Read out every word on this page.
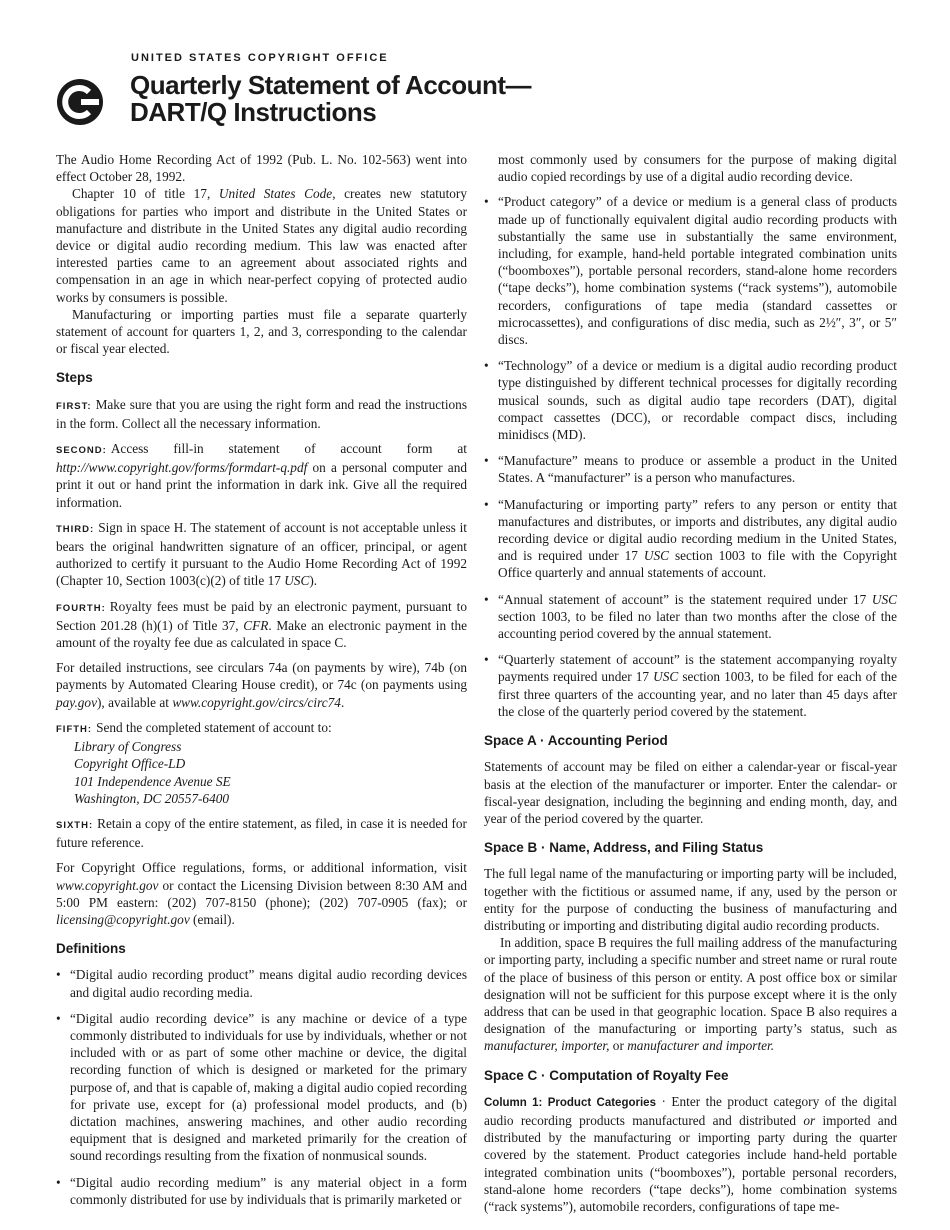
UNITED STATES COPYRIGHT OFFICE
Quarterly Statement of Account—
DART/Q Instructions

The Audio Home Recording Act of 1992 (Pub. L. No. 102-563) went into effect October 28, 1992.

Chapter 10 of title 17, United States Code, creates new statutory obligations for parties who import and distribute in the United States or manufacture and distribute in the United States any digital audio recording device or digital audio recording medium. This law was enacted after interested parties came to an agreement about associated rights and compensation in an age in which near-perfect copying of protected audio works by consumers is possible.

Manufacturing or importing parties must file a separate quarterly statement of account for quarters 1, 2, and 3, corresponding to the calendar or fiscal year elected.

Steps

FIRST: Make sure that you are using the right form and read the instructions in the form. Collect all the necessary information.

SECOND: Access fill-in statement of account form at http://www.copyright.gov/forms/formdart-q.pdf on a personal computer and print it out or hand print the information in dark ink. Give all the required information.

THIRD: Sign in space H. The statement of account is not acceptable unless it bears the original handwritten signature of an officer, principal, or agent authorized to certify it pursuant to the Audio Home Recording Act of 1992 (Chapter 10, Section 1003(c)(2) of title 17 USC).

FOURTH: Royalty fees must be paid by an electronic payment, pursuant to Section 201.28 (h)(1) of Title 37, CFR. Make an electronic payment in the amount of the royalty fee due as calculated in space C.

For detailed instructions, see circulars 74a (on payments by wire), 74b (on payments by Automated Clearing House credit), or 74c (on payments using pay.gov), available at www.copyright.gov/circs/circ74.

FIFTH: Send the completed statement of account to:

Library of Congress
Copyright Office-LD
101 Independence Avenue SE
Washington, DC 20557-6400

SIXTH: Retain a copy of the entire statement, as filed, in case it is needed for future reference.

For Copyright Office regulations, forms, or additional information, visit www.copyright.gov or contact the Licensing Division between 8:30 AM and 5:00 PM eastern: (202) 707-8150 (phone); (202) 707-0905 (fax); or licensing@copyright.gov (email).

Definitions
• “Digital audio recording product” means digital audio recording devices and digital audio recording media.
• “Digital audio recording device” is any machine or device of a type commonly distributed to individuals for use by individuals, whether or not included with or as part of some other machine or device, the digital recording function of which is designed or marketed for the primary purpose of, and that is capable of, making a digital audio copied recording for private use, except for (a) professional model products, and (b) dictation machines, answering machines, and other audio recording equipment that is designed and marketed primarily for the creation of sound recordings resulting from the fixation of nonmusical sounds.
• “Digital audio recording medium” is any material object in a form commonly distributed for use by individuals that is primarily marketed or

most commonly used by consumers for the purpose of making digital audio copied recordings by use of a digital audio recording device.

• “Product category” of a device or medium is a general class of products made up of functionally equivalent digital audio recording products with substantially the same use in substantially the same environment, including, for example, hand-held portable integrated combination units (“boomboxes”), portable personal recorders, stand-alone home recorders (“tape decks”), home combination systems (“rack systems”), automobile recorders, configurations of tape media (standard cassettes or microcassettes), and configurations of disc media, such as 2½″, 3″, or 5″ discs.
• “Technology” of a device or medium is a digital audio recording product type distinguished by different technical processes for digitally recording musical sounds, such as digital audio tape recorders (DAT), digital compact cassettes (DCC), or recordable compact discs, including minidiscs (MD).
• “Manufacture” means to produce or assemble a product in the United States. A “manufacturer” is a person who manufactures.
• “Manufacturing or importing party” refers to any person or entity that manufactures and distributes, or imports and distributes, any digital audio recording device or digital audio recording medium in the United States, and is required under 17 USC section 1003 to file with the Copyright Office quarterly and annual statements of account.
• “Annual statement of account” is the statement required under 17 USC section 1003, to be filed no later than two months after the close of the accounting period covered by the annual statement.
• “Quarterly statement of account” is the statement accompanying royalty payments required under 17 USC section 1003, to be filed for each of the first three quarters of the accounting year, and no later than 45 days after the close of the quarterly period covered by the statement.
Space A · Accounting Period

Statements of account may be filed on either a calendar-year or fiscal-year basis at the election of the manufacturer or importer. Enter the calendar- or fiscal-year designation, including the beginning and ending month, day, and year of the period covered by the quarter.

Space B · Name, Address, and Filing Status

The full legal name of the manufacturing or importing party will be included, together with the fictitious or assumed name, if any, used by the person or entity for the purpose of conducting the business of manufacturing and distributing or importing and distributing digital audio recording products.

In addition, space B requires the full mailing address of the manufacturing or importing party, including a specific number and street name or rural route of the place of business of this person or entity. A post office box or similar designation will not be sufficient for this purpose except where it is the only address that can be used in that geographic location. Space B also requires a designation of the manufacturing or importing party’s status, such as manufacturer, importer, or manufacturer and importer.

Space C · Computation of Royalty Fee

Column 1: Product Categories · Enter the product category of the digital audio recording products manufactured and distributed or imported and distributed by the manufacturing or importing party during the quarter covered by the statement. Product categories include hand-held portable integrated combination units (“boomboxes”), portable personal recorders, stand-alone home recorders (“tape decks”), home combination systems (“rack systems”), automobile recorders, configurations of tape me-
